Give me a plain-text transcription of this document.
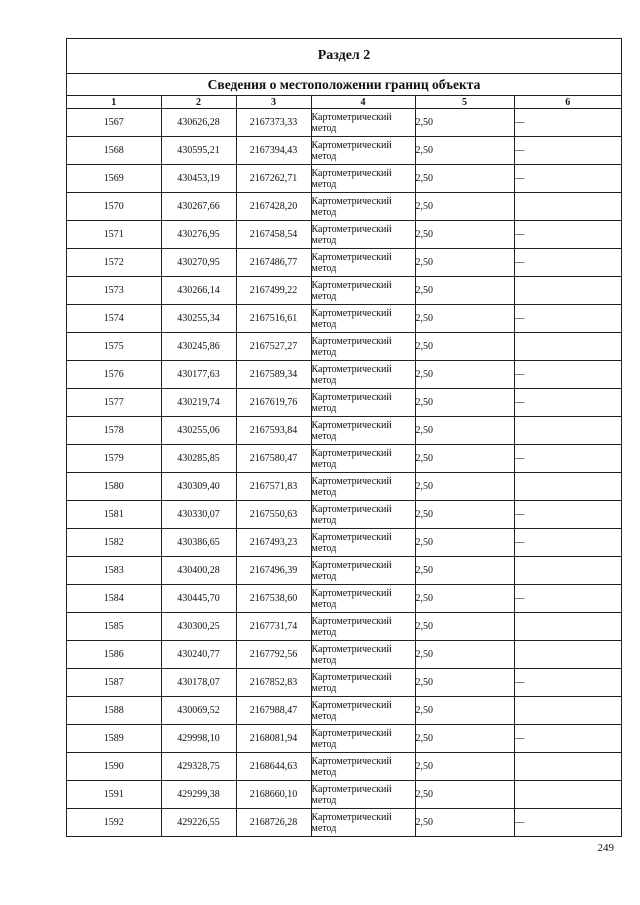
Раздел 2
Сведения о местоположении границ объекта
1	2	3	4	5	6
1567	430626,28	2167373,33	Картометрический
метод	2,50	—
1568	430595,21	2167394,43	Картометрический
метод	2,50	—
1569	430453,19	2167262,71	Картометрический
метод	2,50	—
1570	430267,66	2167428,20	Картометрический
метод	2,50	
1571	430276,95	2167458,54	Картометрический
метод	2,50	—
1572	430270,95	2167486,77	Картометрический
метод	2,50	—
1573	430266,14	2167499,22	Картометрический
метод	2,50	
1574	430255,34	2167516,61	Картометрический
метод	2,50	—
1575	430245,86	2167527,27	Картометрический
метод	2,50	
1576	430177,63	2167589,34	Картометрический
метод	2,50	—
1577	430219,74	2167619,76	Картометрический
метод	2,50	—
1578	430255,06	2167593,84	Картометрический
метод	2,50	
1579	430285,85	2167580,47	Картометрический
метод	2,50	—
1580	430309,40	2167571,83	Картометрический
метод	2,50	
1581	430330,07	2167550,63	Картометрический
метод	2,50	—
1582	430386,65	2167493,23	Картометрический
метод	2,50	—
1583	430400,28	2167496,39	Картометрический
метод	2,50	
1584	430445,70	2167538,60	Картометрический
метод	2,50	—
1585	430300,25	2167731,74	Картометрический
метод	2,50	
1586	430240,77	2167792,56	Картометрический
метод	2,50	
1587	430178,07	2167852,83	Картометрический
метод	2,50	—
1588	430069,52	2167988,47	Картометрический
метод	2,50	
1589	429998,10	2168081,94	Картометрический
метод	2,50	—
1590	429328,75	2168644,63	Картометрический
метод	2,50	
1591	429299,38	2168660,10	Картометрический
метод	2,50	
1592	429226,55	2168726,28	Картометрический
метод	2,50	—
249
